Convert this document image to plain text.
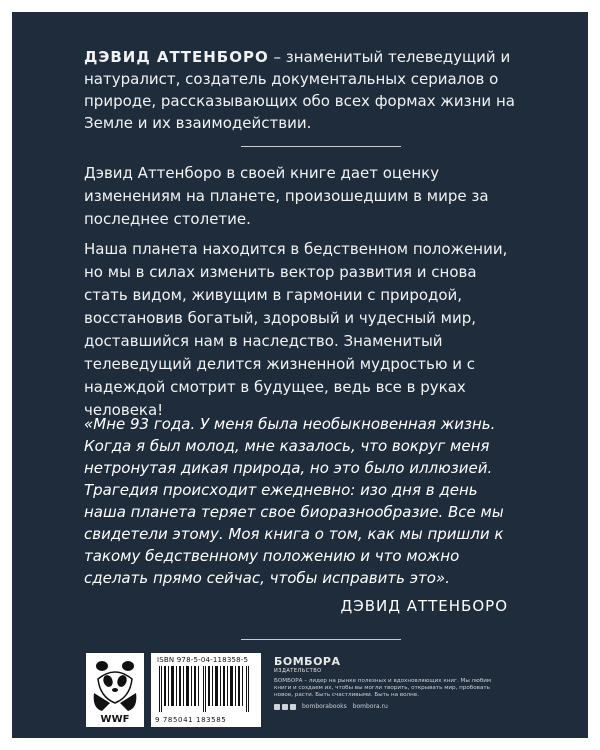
ДЭВИД АТТЕНБОРО – знаменитый телеведущий и натуралист, создатель документальных сериалов о природе, рассказывающих обо всех формах жизни на Земле и их взаимодействии.

Дэвид Аттенборо в своей книге дает оценку изменениям на планете, произошедшим в мире за последнее столетие.

Наша планета находится в бедственном положении, но мы в силах изменить вектор развития и снова стать видом, живущим в гармонии с природой, восстановив богатый, здоровый и чудесный мир, доставшийся нам в наследство. Знаменитый телеведущий делится жизненной мудростью и с надеждой смотрит в будущее, ведь все в руках человека!

«Мне 93 года. У меня была необыкновенная жизнь. Когда я был молод, мне казалось, что вокруг меня нетронутая дикая природа, но это было иллюзией. Трагедия происходит ежедневно: изо дня в день наша планета теряет свое биоразнообразие. Все мы свидетели этому. Моя книга о том, как мы пришли к такому бедственному положению и что можно сделать прямо сейчас, чтобы исправить это».

ДЭВИД АТТЕНБОРО
WWF
ISBN 978-5-04-118358-5
9 785041 183585
БОМБОРА
ИЗДАТЕЛЬСТВО
БОМБОРА – лидер на рынке полезных и вдохновляющих книг. Мы любим книги и создаем их, чтобы вы могли творить, открывать мир, пробовать новое, расти. Быть счастливыми. Быть на волне.
bomborabooks bombora.ru
